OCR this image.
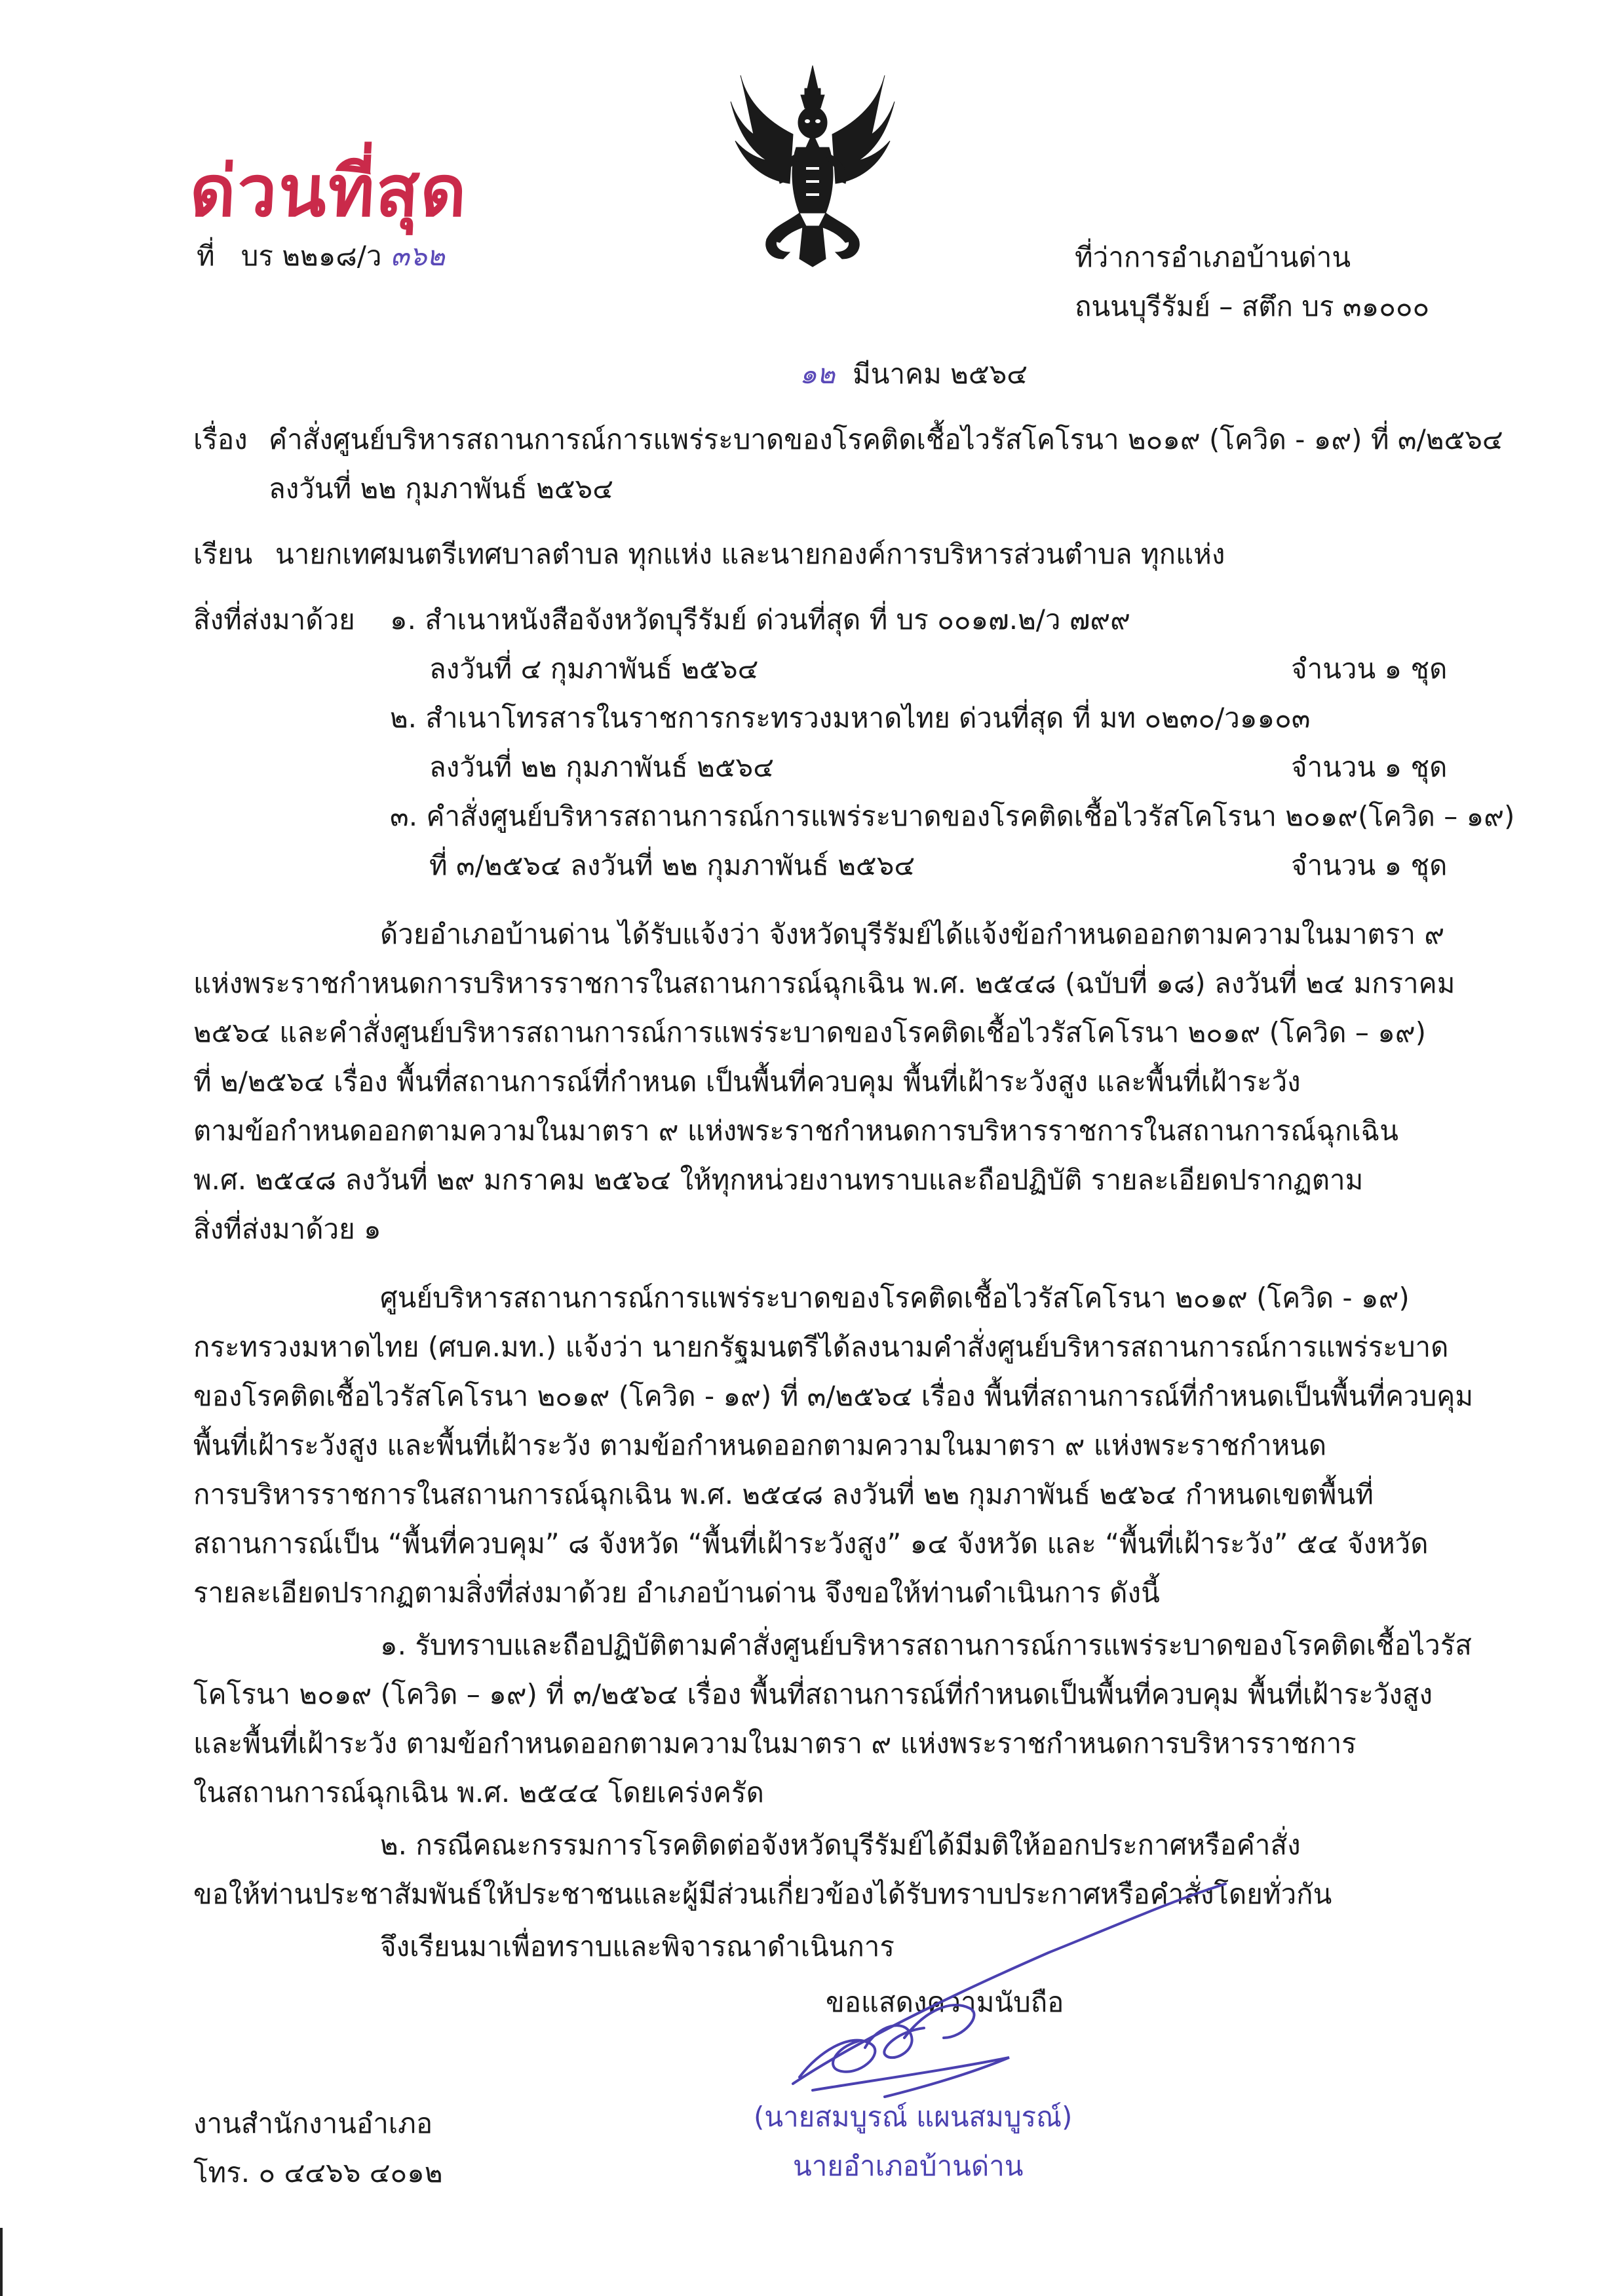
ด่วนที่สุด
ที่ บร ๒๒๑๘/ว ๓๖๒	ที่ว่าการอำเภอบ้านด่าน
ถนนบุรีรัมย์ – สตึก บร ๓๑๐๐๐
๑๒ มีนาคม ๒๕๖๔
เรื่อง คำสั่งศูนย์บริหารสถานการณ์การแพร่ระบาดของโรคติดเชื้อไวรัสโคโรนา ๒๐๑๙ (โควิด - ๑๙) ที่ ๓/๒๕๖๔
ลงวันที่ ๒๒ กุมภาพันธ์ ๒๕๖๔
เรียน นายกเทศมนตรีเทศบาลตำบล ทุกแห่ง และนายกองค์การบริหารส่วนตำบล ทุกแห่ง
สิ่งที่ส่งมาด้วย ๑. สำเนาหนังสือจังหวัดบุรีรัมย์ ด่วนที่สุด ที่ บร ๐๐๑๗.๒/ว ๗๙๙
ลงวันที่ ๔ กุมภาพันธ์ ๒๕๖๔	จำนวน ๑ ชุด
๒. สำเนาโทรสารในราชการกระทรวงมหาดไทย ด่วนที่สุด ที่ มท ๐๒๓๐/ว๑๑๐๓
ลงวันที่ ๒๒ กุมภาพันธ์ ๒๕๖๔	จำนวน ๑ ชุด
๓. คำสั่งศูนย์บริหารสถานการณ์การแพร่ระบาดของโรคติดเชื้อไวรัสโคโรนา ๒๐๑๙(โควิด – ๑๙)
ที่ ๓/๒๕๖๔ ลงวันที่ ๒๒ กุมภาพันธ์ ๒๕๖๔	จำนวน ๑ ชุด
ด้วยอำเภอบ้านด่าน ได้รับแจ้งว่า จังหวัดบุรีรัมย์ได้แจ้งข้อกำหนดออกตามความในมาตรา ๙
แห่งพระราชกำหนดการบริหารราชการในสถานการณ์ฉุกเฉิน พ.ศ. ๒๕๔๘ (ฉบับที่ ๑๘) ลงวันที่ ๒๔ มกราคม
๒๕๖๔ และคำสั่งศูนย์บริหารสถานการณ์การแพร่ระบาดของโรคติดเชื้อไวรัสโคโรนา ๒๐๑๙ (โควิด – ๑๙)
ที่ ๒/๒๕๖๔ เรื่อง พื้นที่สถานการณ์ที่กำหนด เป็นพื้นที่ควบคุม พื้นที่เฝ้าระวังสูง และพื้นที่เฝ้าระวัง
ตามข้อกำหนดออกตามความในมาตรา ๙ แห่งพระราชกำหนดการบริหารราชการในสถานการณ์ฉุกเฉิน
พ.ศ. ๒๕๔๘ ลงวันที่ ๒๙ มกราคม ๒๕๖๔ ให้ทุกหน่วยงานทราบและถือปฏิบัติ รายละเอียดปรากฏตาม
สิ่งที่ส่งมาด้วย ๑
ศูนย์บริหารสถานการณ์การแพร่ระบาดของโรคติดเชื้อไวรัสโคโรนา ๒๐๑๙ (โควิด - ๑๙)
กระทรวงมหาดไทย (ศบค.มท.) แจ้งว่า นายกรัฐมนตรีได้ลงนามคำสั่งศูนย์บริหารสถานการณ์การแพร่ระบาด
ของโรคติดเชื้อไวรัสโคโรนา ๒๐๑๙ (โควิด - ๑๙) ที่ ๓/๒๕๖๔ เรื่อง พื้นที่สถานการณ์ที่กำหนดเป็นพื้นที่ควบคุม
พื้นที่เฝ้าระวังสูง และพื้นที่เฝ้าระวัง ตามข้อกำหนดออกตามความในมาตรา ๙ แห่งพระราชกำหนด
การบริหารราชการในสถานการณ์ฉุกเฉิน พ.ศ. ๒๕๔๘ ลงวันที่ ๒๒ กุมภาพันธ์ ๒๕๖๔ กำหนดเขตพื้นที่
สถานการณ์เป็น “พื้นที่ควบคุม” ๘ จังหวัด “พื้นที่เฝ้าระวังสูง” ๑๔ จังหวัด และ “พื้นที่เฝ้าระวัง” ๕๔ จังหวัด
รายละเอียดปรากฏตามสิ่งที่ส่งมาด้วย อำเภอบ้านด่าน จึงขอให้ท่านดำเนินการ ดังนี้
๑. รับทราบและถือปฏิบัติตามคำสั่งศูนย์บริหารสถานการณ์การแพร่ระบาดของโรคติดเชื้อไวรัส
โคโรนา ๒๐๑๙ (โควิด – ๑๙) ที่ ๓/๒๕๖๔ เรื่อง พื้นที่สถานการณ์ที่กำหนดเป็นพื้นที่ควบคุม พื้นที่เฝ้าระวังสูง
และพื้นที่เฝ้าระวัง ตามข้อกำหนดออกตามความในมาตรา ๙ แห่งพระราชกำหนดการบริหารราชการ
ในสถานการณ์ฉุกเฉิน พ.ศ. ๒๕๔๔ โดยเคร่งครัด
๒. กรณีคณะกรรมการโรคติดต่อจังหวัดบุรีรัมย์ได้มีมติให้ออกประกาศหรือคำสั่ง
ขอให้ท่านประชาสัมพันธ์ให้ประชาชนและผู้มีส่วนเกี่ยวข้องได้รับทราบประกาศหรือคำสั่งโดยทั่วกัน
จึงเรียนมาเพื่อทราบและพิจารณาดำเนินการ
ขอแสดงความนับถือ
(นายสมบูรณ์ แผนสมบูรณ์)
นายอำเภอบ้านด่าน
งานสำนักงานอำเภอ
โทร. ๐ ๔๔๖๖ ๔๐๑๒
